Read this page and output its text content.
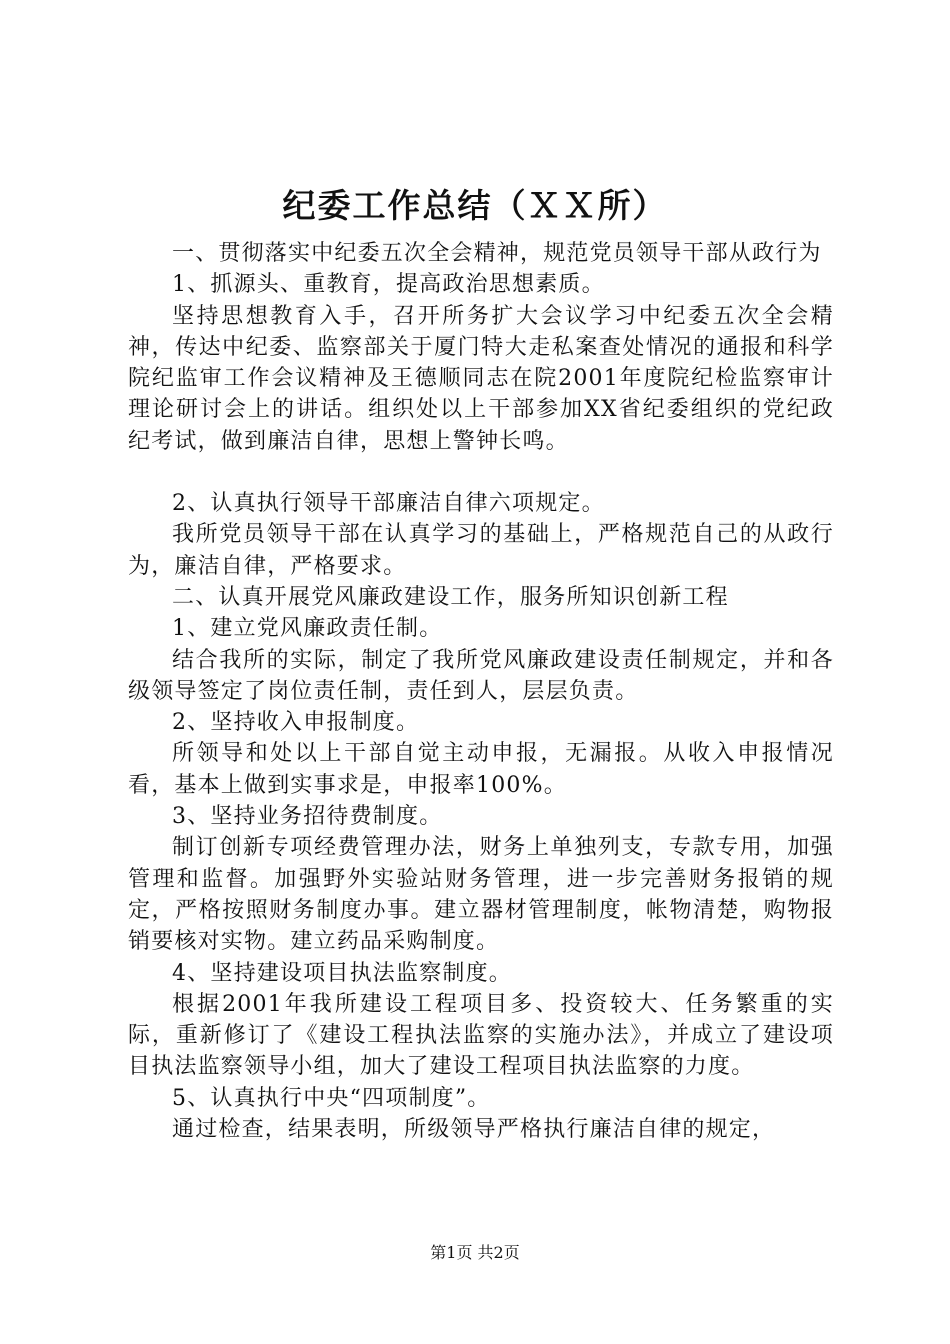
纪委工作总结（ＸＸ所）

一、贯彻落实中纪委五次全会精神，规范党员领导干部从政行为

1、抓源头、重教育，提高政治思想素质。

坚持思想教育入手，召开所务扩大会议学习中纪委五次全会精神，传达中纪委、监察部关于厦门特大走私案查处情况的通报和科学院纪监审工作会议精神及王德顺同志在院2001年度院纪检监察审计理论研讨会上的讲话。组织处以上干部参加XX省纪委组织的党纪政纪考试，做到廉洁自律，思想上警钟长鸣。

2、认真执行领导干部廉洁自律六项规定。

我所党员领导干部在认真学习的基础上，严格规范自己的从政行为，廉洁自律，严格要求。

二、认真开展党风廉政建设工作，服务所知识创新工程

1、建立党风廉政责任制。

结合我所的实际，制定了我所党风廉政建设责任制规定，并和各级领导签定了岗位责任制，责任到人，层层负责。

2、坚持收入申报制度。

所领导和处以上干部自觉主动申报，无漏报。从收入申报情况看，基本上做到实事求是，申报率100%。

3、坚持业务招待费制度。

制订创新专项经费管理办法，财务上单独列支，专款专用，加强管理和监督。加强野外实验站财务管理，进一步完善财务报销的规定，严格按照财务制度办事。建立器材管理制度，帐物清楚，购物报销要核对实物。建立药品采购制度。

4、坚持建设项目执法监察制度。

根据2001年我所建设工程项目多、投资较大、任务繁重的实际，重新修订了《建设工程执法监察的实施办法》，并成立了建设项目执法监察领导小组，加大了建设工程项目执法监察的力度。

5、认真执行中央“四项制度”。

通过检查，结果表明，所级领导严格执行廉洁自律的规定，

第1页 共2页
